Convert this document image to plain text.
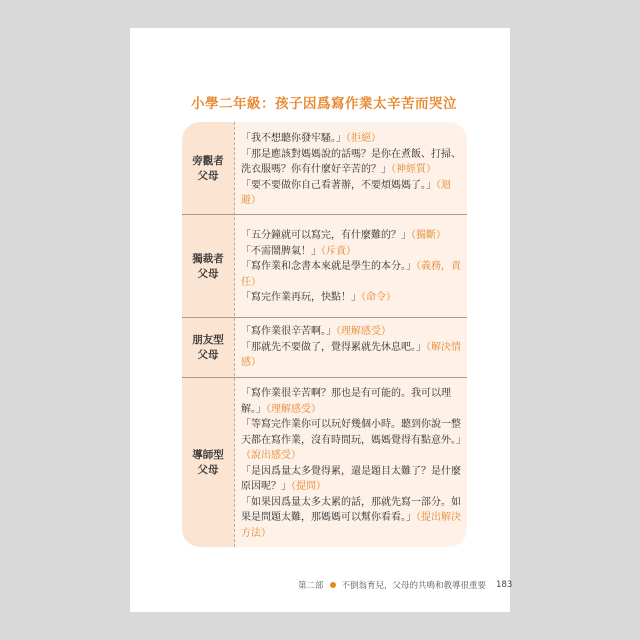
小學二年級：孩子因爲寫作業太辛苦而哭泣
旁觀者
父母
「我不想聽你發牢騷。」（拒絕）
「那是應該對媽媽說的話嗎？是你在煮飯、打掃、洗衣服嗎？你有什麼好辛苦的？」（神經質）
「要不要做你自己看著辦，不要煩媽媽了。」（迴避）
獨裁者
父母
「五分鐘就可以寫完，有什麼難的？」（獨斷）
「不需鬧脾氣！」（斥責）
「寫作業和念書本來就是學生的本分。」（義務，責任）
「寫完作業再玩，快點！」（命令）
朋友型
父母
「寫作業很辛苦啊。」（理解感受）
「那就先不要做了，覺得累就先休息吧。」（解決情感）
導師型
父母
「寫作業很辛苦啊？那也是有可能的。我可以理解。」（理解感受）
「等寫完作業你可以玩好幾個小時。聽到你說一整天都在寫作業，沒有時間玩，媽媽覺得有點意外。」（說出感受）
「是因爲量太多覺得累，還是題目太難了？是什麼原因呢？」（提問）
「如果因爲量太多太累的話，那就先寫一部分。如果是問題太難，那媽媽可以幫你看看。」（提出解決方法）
第二部 不倒翁育兒，父母的共鳴和教導很重要 183
